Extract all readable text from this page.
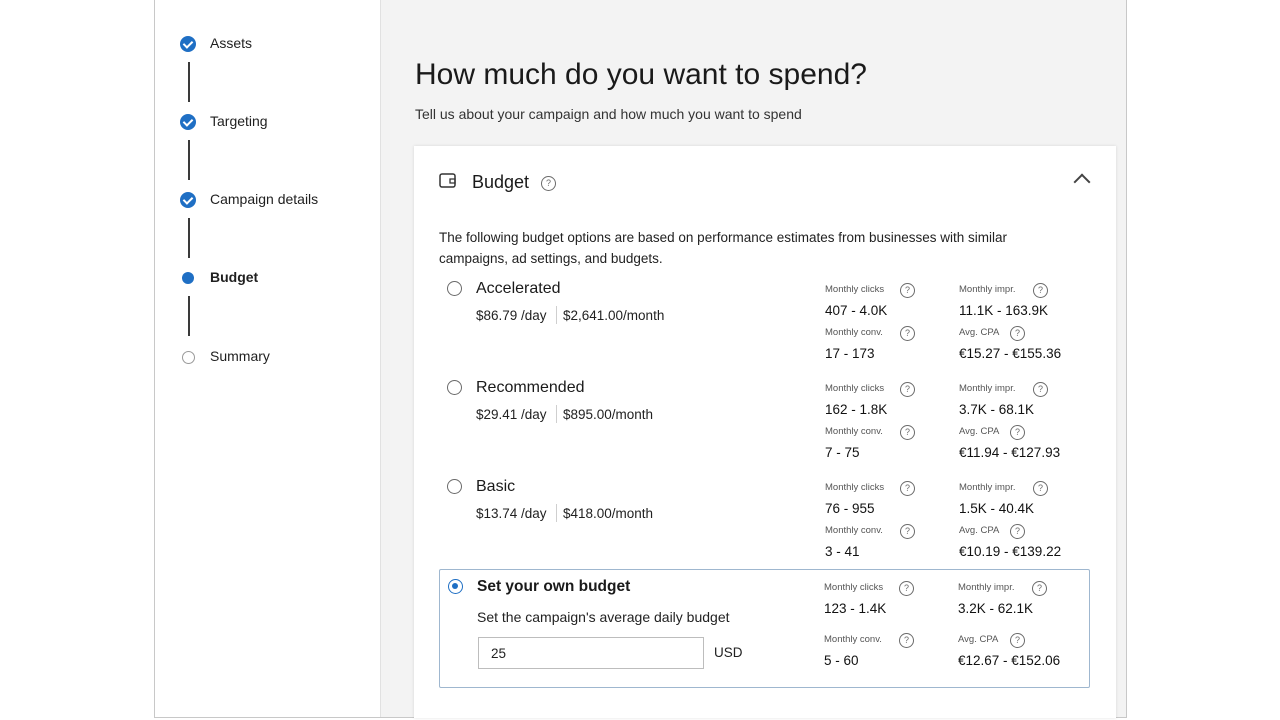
Assets
Targeting
Campaign details
Budget
Summary
How much do you want to spend?
Tell us about your campaign and how much you want to spend
Budget	?
The following budget options are based on performance estimates from businesses with similar campaigns, ad settings, and budgets.
Accelerated
$86.79 /day $2,641.00/month
Monthly clicks	?
407 - 4.0K
Monthly impr.	?
11.1K - 163.9K
Monthly conv.	?
17 - 173
Avg. CPA	?
€15.27 - €155.36
Recommended
$29.41 /day $895.00/month
Monthly clicks	?
162 - 1.8K
Monthly impr.	?
3.7K - 68.1K
Monthly conv.	?
7 - 75
Avg. CPA	?
€11.94 - €127.93
Basic
$13.74 /day $418.00/month
Monthly clicks	?
76 - 955
Monthly impr.	?
1.5K - 40.4K
Monthly conv.	?
3 - 41
Avg. CPA	?
€10.19 - €139.22
Set your own budget
Set the campaign's average daily budget
25
USD
Monthly clicks	?
123 - 1.4K
Monthly impr.	?
3.2K - 62.1K
Monthly conv.	?
5 - 60
Avg. CPA	?
€12.67 - €152.06
